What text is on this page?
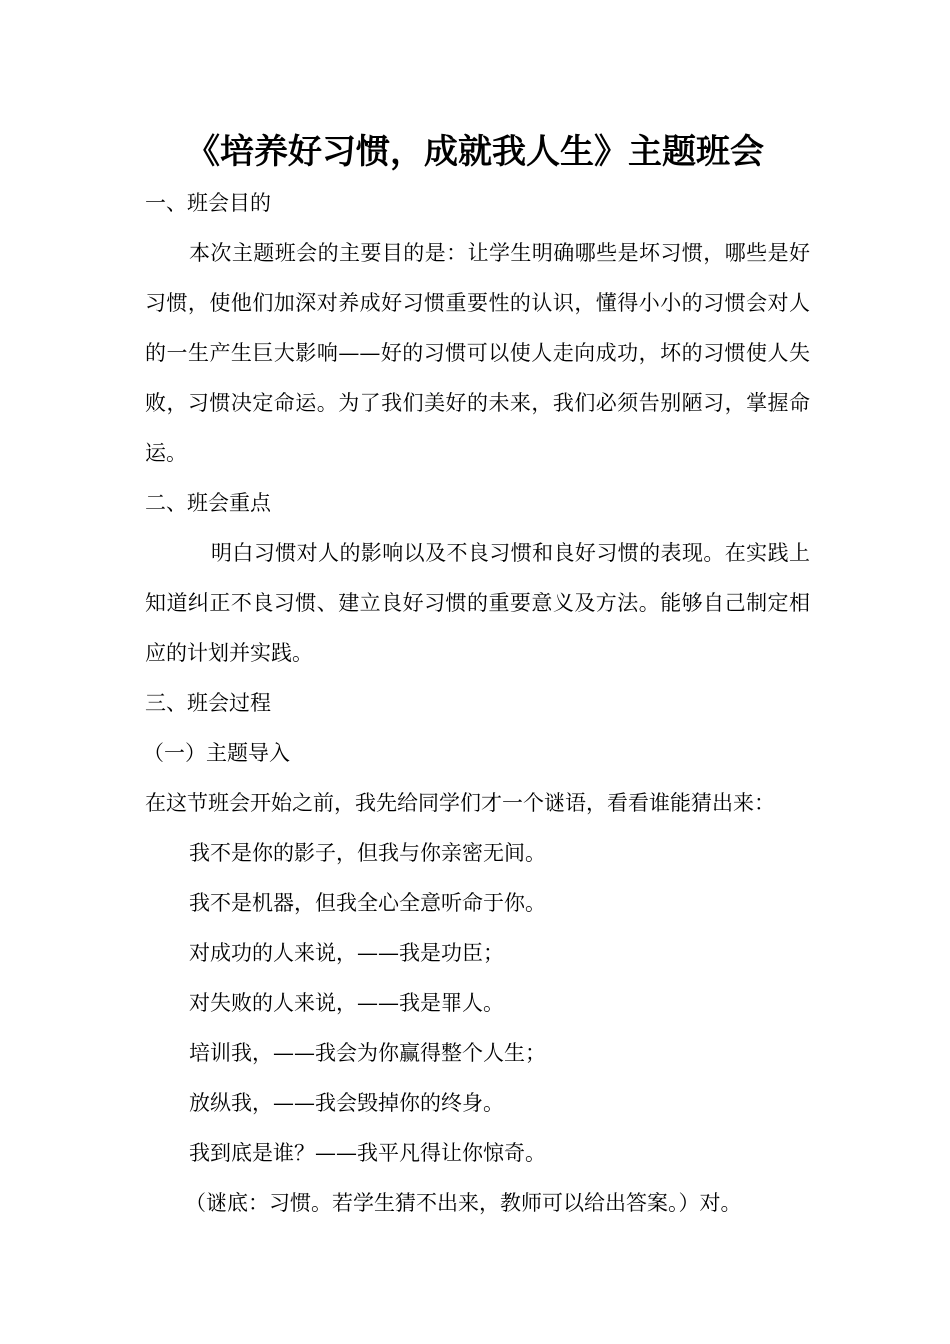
《培养好习惯，成就我人生》主题班会

一、班会目的

本次主题班会的主要目的是：让学生明确哪些是坏习惯，哪些是好习惯，使他们加深对养成好习惯重要性的认识，懂得小小的习惯会对人的一生产生巨大影响——好的习惯可以使人走向成功，坏的习惯使人失败，习惯决定命运。为了我们美好的未来，我们必须告别陋习，掌握命运。

二、班会重点

明白习惯对人的影响以及不良习惯和良好习惯的表现。在实践上知道纠正不良习惯、建立良好习惯的重要意义及方法。能够自己制定相应的计划并实践。

三、班会过程

（一）主题导入

在这节班会开始之前，我先给同学们才一个谜语，看看谁能猜出来：

我不是你的影子，但我与你亲密无间。

我不是机器，但我全心全意听命于你。

对成功的人来说，——我是功臣；

对失败的人来说，——我是罪人。

培训我，——我会为你赢得整个人生；

放纵我，——我会毁掉你的终身。

我到底是谁？——我平凡得让你惊奇。

（谜底：习惯。若学生猜不出来，教师可以给出答案。）对。
